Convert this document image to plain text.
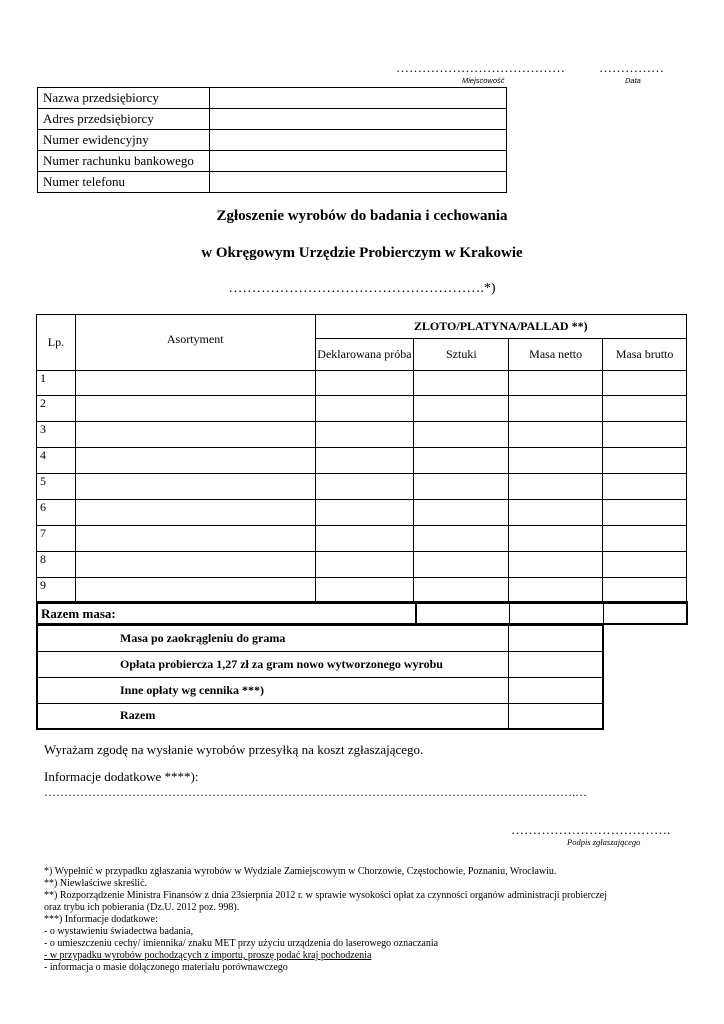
…………………………………	……………
Miejscowość	Data
Nazwa przedsiębiorcy	
Adres przedsiębiorcy	
Numer ewidencyjny	
Numer rachunku bankowego	
Numer telefonu	
Zgłoszenie wyrobów do badania i cechowania
w Okręgowym Urzędzie Probierczym w Krakowie
……………………………………………….*)
Lp.	Asortyment	ZLOTO/PLATYNA/PALLAD **)			
		Deklarowana próba	Sztuki	Masa netto	Masa brutto
1					
2					
3					
4					
5					
6					
7					
8					
9					
Razem masa:
Masa po zaokrągleniu do grama	
Opłata probiercza 1,27 zł za gram nowo wytworzonego wyrobu	
Inne opłaty wg cennika ***)	
Razem	
Wyrażam zgodę na wysłanie wyrobów przesyłką na koszt zgłaszającego.
Informacje dodatkowe ****):
…………………………………………………………………………………………………………………….…
……………………………….
Podpis zgłaszającego
*) Wypełnić w przypadku zgłaszania wyrobów w Wydziale Zamiejscowym w Chorzowie, Częstochowie, Poznaniu, Wrocławiu.
**) Niewłaściwe skreślić.
**) Rozporządzenie Ministra Finansów z dnia 23sierpnia 2012 r. w sprawie wysokości opłat za czynności organów administracji probierczej
oraz trybu ich pobierania (Dz.U. 2012 poz. 998).
***) Informacje dodatkowe:
- o wystawieniu świadectwa badania,
- o umieszczeniu cechy/ imiennika/ znaku MET przy użyciu urządzenia do laserowego oznaczania
- w przypadku wyrobów pochodzących z importu, proszę podać kraj pochodzenia
- informacja o masie dołączonego materiału porównawczego
